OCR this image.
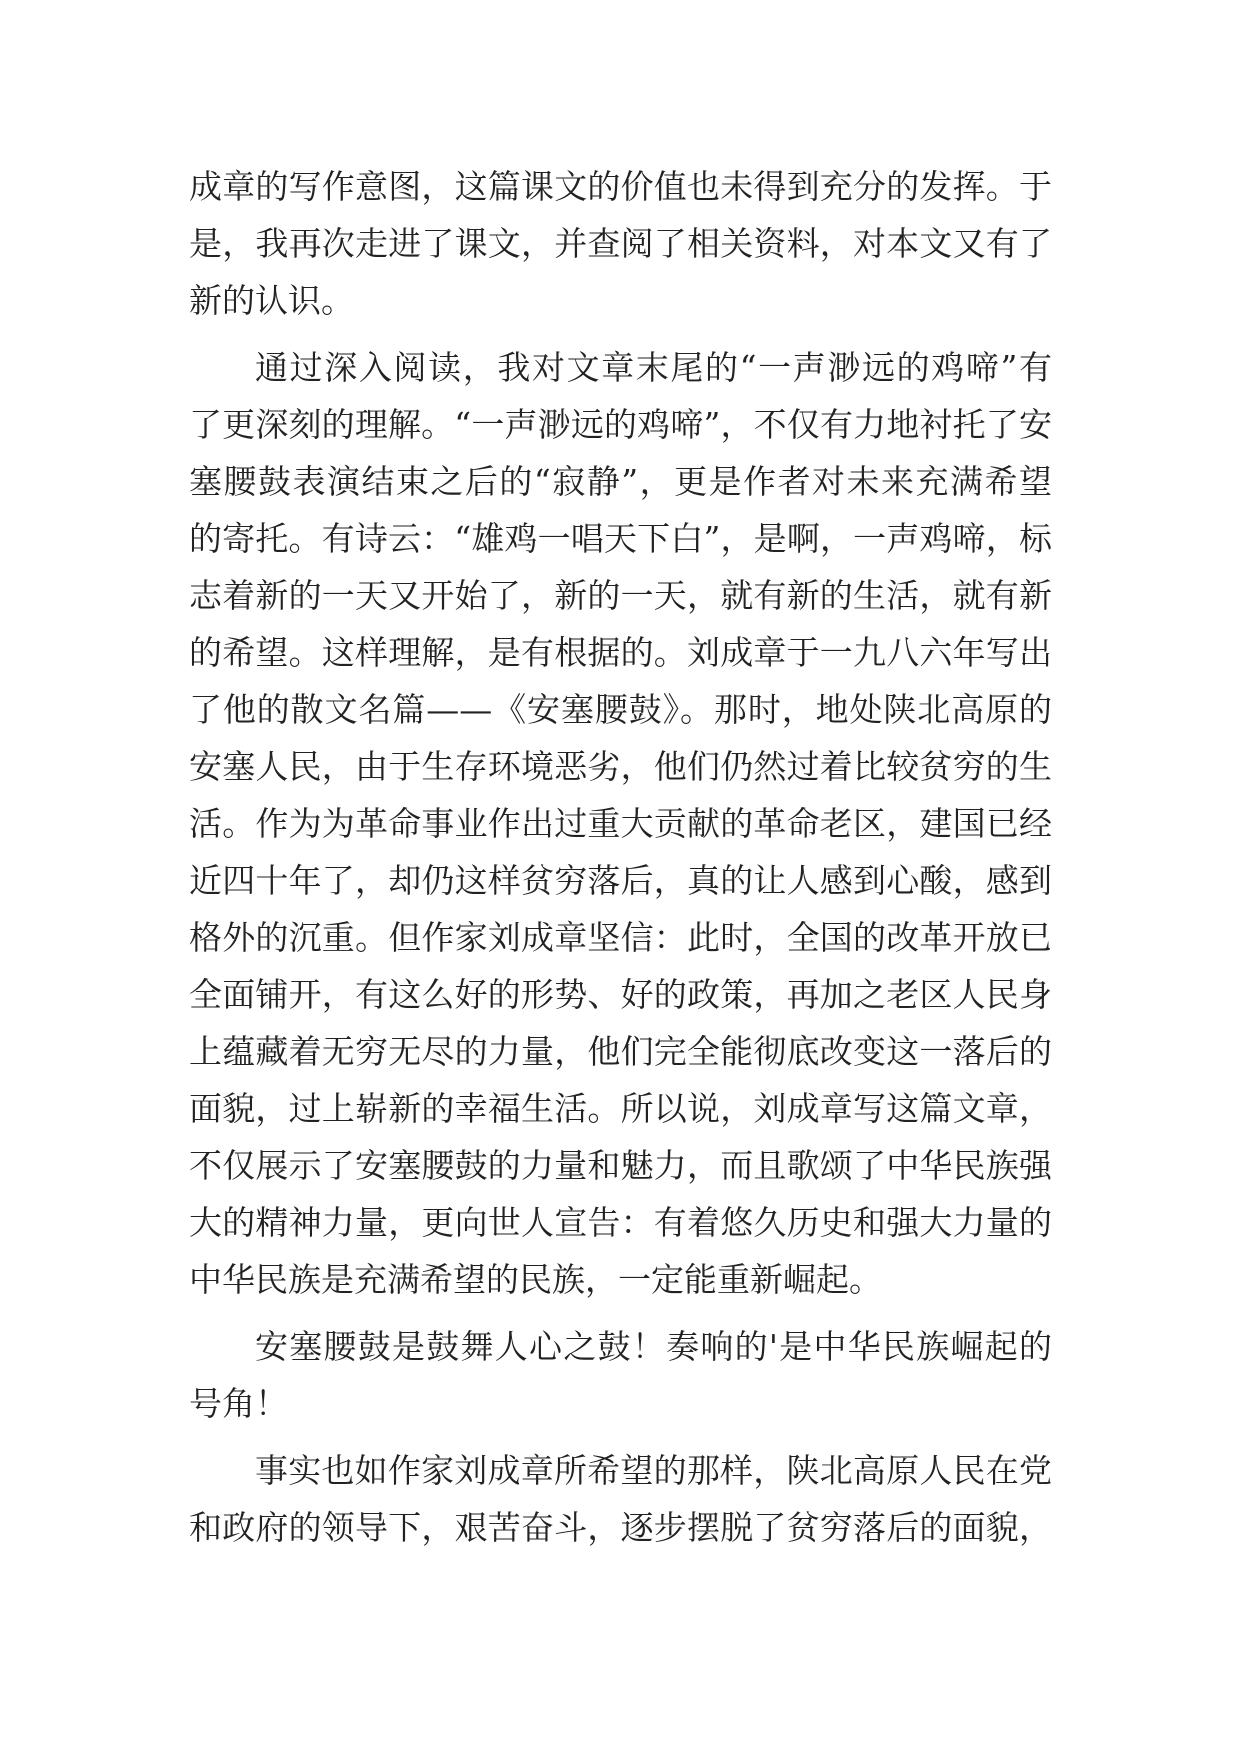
成章的写作意图，这篇课文的价值也未得到充分的发挥。于
是，我再次走进了课文，并查阅了相关资料，对本文又有了
新的认识。
通过深入阅读，我对文章末尾的“一声渺远的鸡啼”有
了更深刻的理解。“一声渺远的鸡啼”，不仅有力地衬托了安
塞腰鼓表演结束之后的“寂静”，更是作者对未来充满希望
的寄托。有诗云：“雄鸡一唱天下白”，是啊，一声鸡啼，标
志着新的一天又开始了，新的一天，就有新的生活，就有新
的希望。这样理解，是有根据的。刘成章于一九八六年写出
了他的散文名篇——《安塞腰鼓》。那时，地处陕北高原的
安塞人民，由于生存环境恶劣，他们仍然过着比较贫穷的生
活。作为为革命事业作出过重大贡献的革命老区，建国已经
近四十年了，却仍这样贫穷落后，真的让人感到心酸，感到
格外的沉重。但作家刘成章坚信：此时，全国的改革开放已
全面铺开，有这么好的形势、好的政策，再加之老区人民身
上蕴藏着无穷无尽的力量，他们完全能彻底改变这一落后的
面貌，过上崭新的幸福生活。所以说，刘成章写这篇文章，
不仅展示了安塞腰鼓的力量和魅力，而且歌颂了中华民族强
大的精神力量，更向世人宣告：有着悠久历史和强大力量的
中华民族是充满希望的民族，一定能重新崛起。
安塞腰鼓是鼓舞人心之鼓！奏响的'是中华民族崛起的
号角！
事实也如作家刘成章所希望的那样，陕北高原人民在党
和政府的领导下，艰苦奋斗，逐步摆脱了贫穷落后的面貌，
